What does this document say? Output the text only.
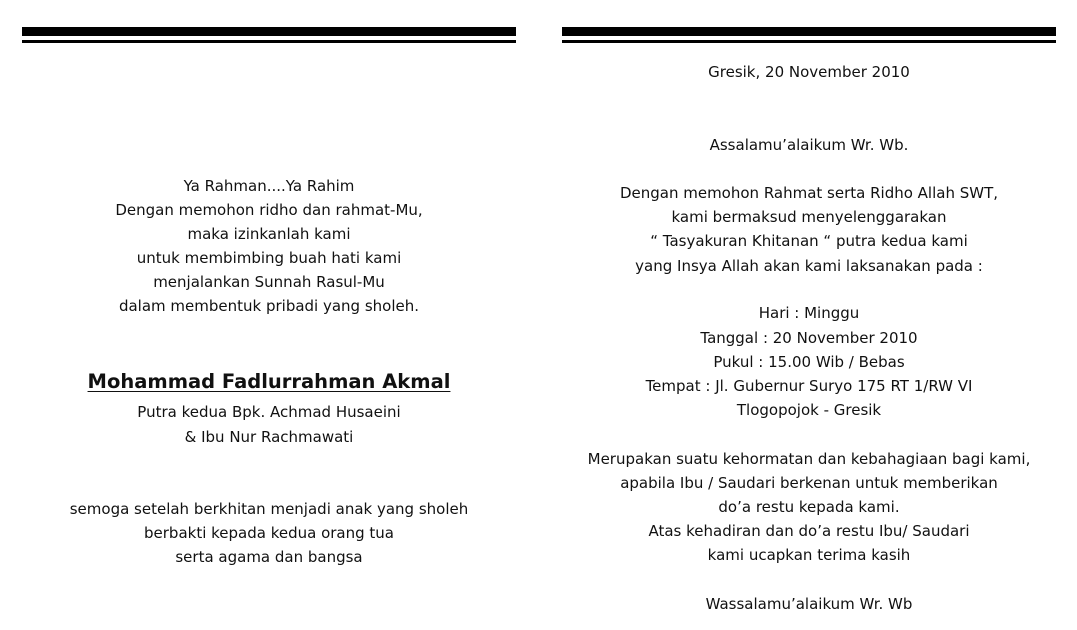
Ya Rahman....Ya Rahim
Dengan memohon ridho dan rahmat-Mu,
maka izinkanlah kami
untuk membimbing buah hati kami
menjalankan Sunnah Rasul-Mu
dalam membentuk pribadi yang sholeh.
Mohammad Fadlurrahman Akmal
Putra kedua Bpk. Achmad Husaeini
& Ibu Nur Rachmawati
semoga setelah berkhitan menjadi anak yang sholeh
berbakti kepada kedua orang tua
serta agama dan bangsa
Gresik, 20 November 2010
Assalamu’alaikum Wr. Wb.
Dengan memohon Rahmat serta Ridho Allah SWT,
kami bermaksud menyelenggarakan
“ Tasyakuran Khitanan “ putra kedua kami
yang Insya Allah akan kami laksanakan pada :
Hari : Minggu
Tanggal : 20 November 2010
Pukul : 15.00 Wib / Bebas
Tempat : Jl. Gubernur Suryo 175 RT 1/RW VI
Tlogopojok - Gresik
Merupakan suatu kehormatan dan kebahagiaan bagi kami,
apabila Ibu / Saudari berkenan untuk memberikan
do’a restu kepada kami.
Atas kehadiran dan do’a restu Ibu/ Saudari
kami ucapkan terima kasih
Wassalamu’alaikum Wr. Wb
